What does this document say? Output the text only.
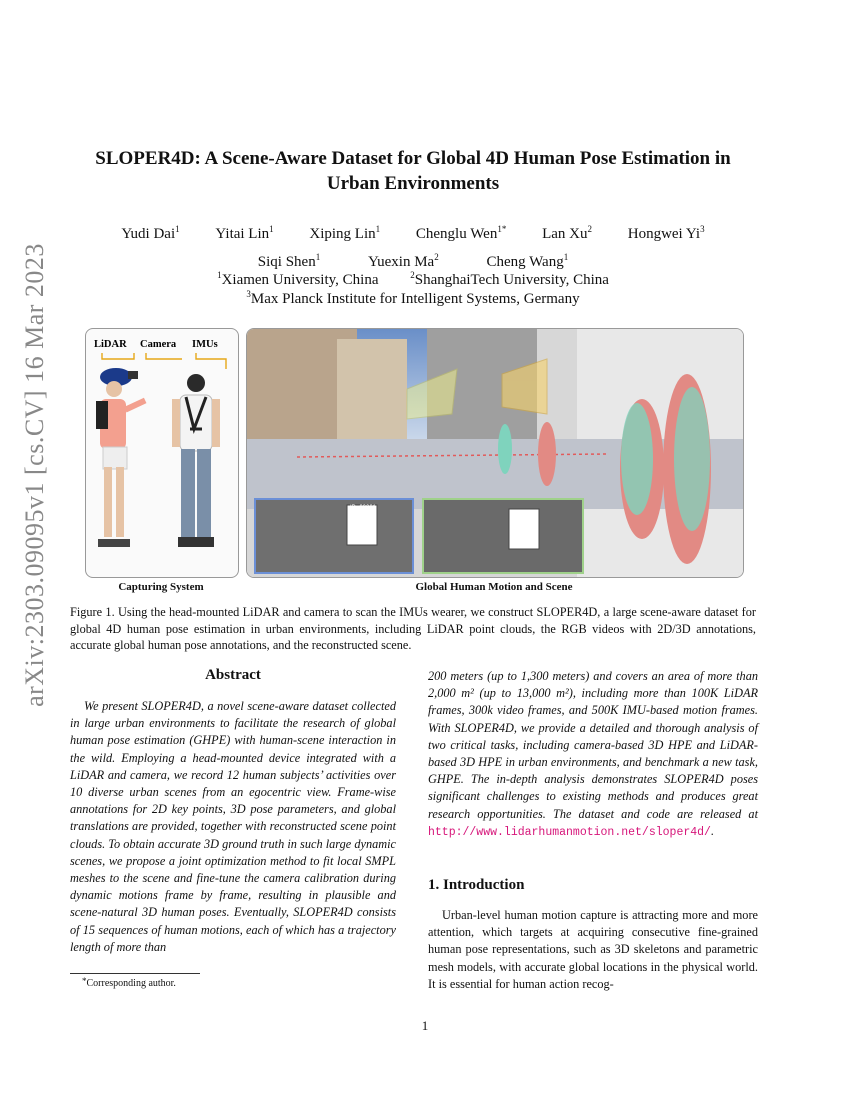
arXiv:2303.09095v1 [cs.CV] 16 Mar 2023
SLOPER4D: A Scene-Aware Dataset for Global 4D Human Pose Estimation in
Urban Environments
Yudi Dai$^1$ Yitai Lin$^1$ Xiping Lin$^1$ Chenglu Wen$^{1*}$ Lan Xu$^2$ Hongwei Yi$^3$
Siqi Shen$^1$	Yuexin Ma$^2$	Cheng Wang$^1$
$^1$Xiamen University, China	$^2$ShanghaiTech University, China
$^3$Max Planck Institute for Intelligent Systems, Germany
LiDAR Camera IMUs
ID_00001
ID_00000
Capturing System	Global Human Motion and Scene
Figure 1. Using the head-mounted LiDAR and camera to scan the IMUs wearer, we construct SLOPER4D, a large scene-aware dataset for global 4D human pose estimation in urban environments, including LiDAR point clouds, the RGB videos with 2D/3D annotations, accurate global human pose annotations, and the reconstructed scene.
Abstract
We present SLOPER4D, a novel scene-aware dataset collected in large urban environments to facilitate the research of global human pose estimation (GHPE) with human-scene interaction in the wild. Employing a head-mounted device integrated with a LiDAR and camera, we record 12 human subjects’ activities over 10 diverse urban scenes from an egocentric view. Frame-wise annotations for 2D key points, 3D pose parameters, and global translations are provided, together with reconstructed scene point clouds. To obtain accurate 3D ground truth in such large dynamic scenes, we propose a joint optimization method to fit local SMPL meshes to the scene and fine-tune the camera calibration during dynamic motions frame by frame, resulting in plausible and scene-natural 3D human poses. Eventually, SLOPER4D consists of 15 sequences of human motions, each of which has a trajectory length of more than
200 meters (up to 1,300 meters) and covers an area of more than 2,000 m² (up to 13,000 m²), including more than 100K LiDAR frames, 300k video frames, and 500K IMU-based motion frames. With SLOPER4D, we provide a detailed and thorough analysis of two critical tasks, including camera-based 3D HPE and LiDAR-based 3D HPE in urban environments, and benchmark a new task, GHPE. The in-depth analysis demonstrates SLOPER4D poses significant challenges to existing methods and produces great research opportunities. The dataset and code are released at http://www.lidarhumanmotion.net/sloper4d/.
1. Introduction
Urban-level human motion capture is attracting more and more attention, which targets at acquiring consecutive fine-grained human pose representations, such as 3D skeletons and parametric mesh models, with accurate global locations in the physical world. It is essential for human action recog-
*Corresponding author.
1
